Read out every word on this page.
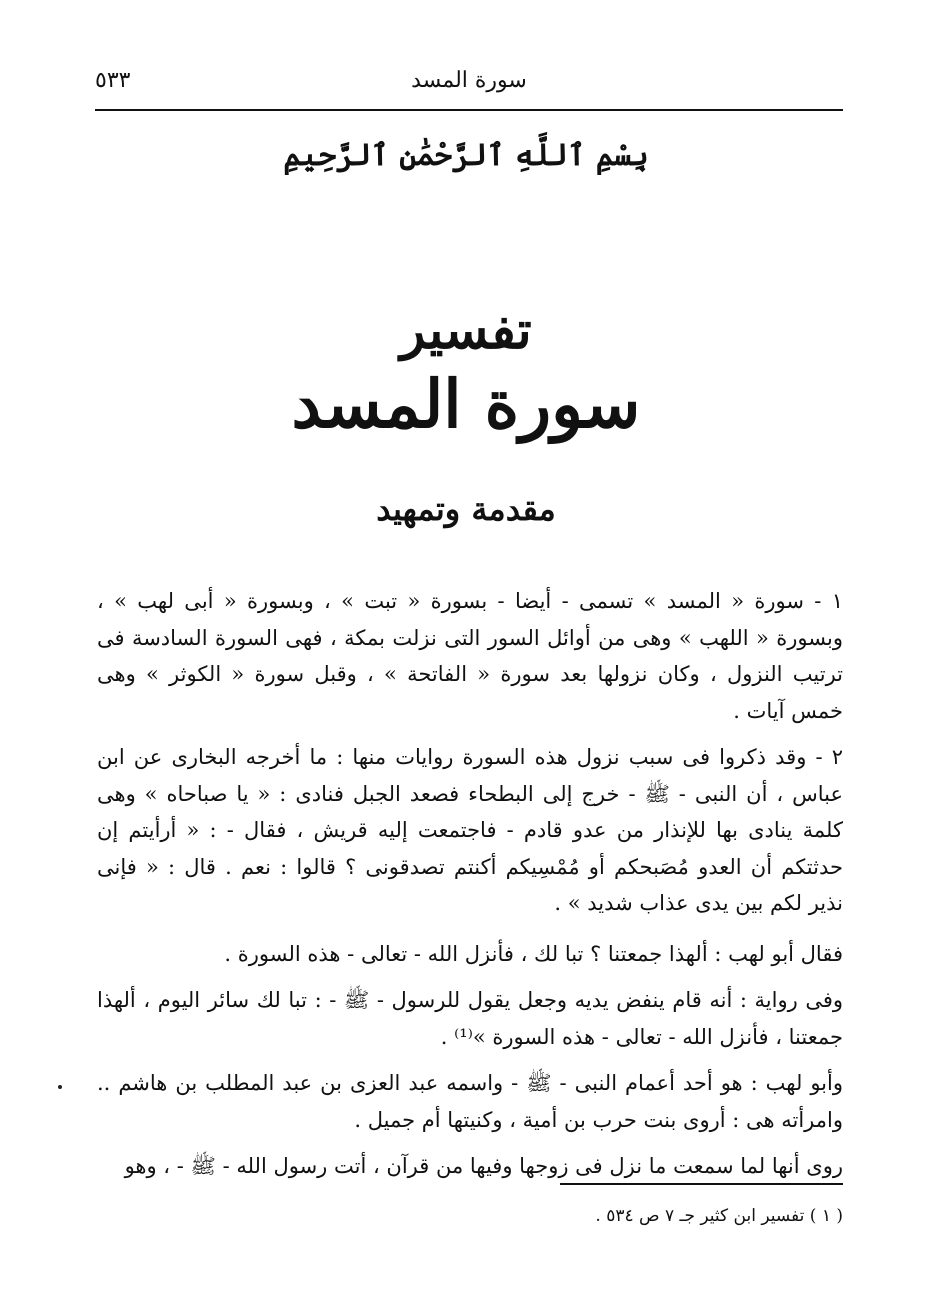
٥٣٣	سورة المسد
بِسْمِ ٱللَّهِ ٱلرَّحْمَٰنِ ٱلرَّحِيمِ
تفسير
سورة المسد
مقدمة وتمهيد

١ - سورة « المسد » تسمى - أيضا - بسورة « تبت » ، وبسورة « أبى لهب » ، وبسورة « اللهب » وهى من أوائل السور التى نزلت بمكة ، فهى السورة السادسة فى ترتيب النزول ، وكان نزولها بعد سورة « الفاتحة » ، وقبل سورة « الكوثر » وهى خمس آيات .

٢ - وقد ذكروا فى سبب نزول هذه السورة روايات منها : ما أخرجه البخارى عن ابن عباس ، أن النبى - ﷺ - خرج إلى البطحاء فصعد الجبل فنادى : « يا صباحاه » وهى كلمة ينادى بها للإنذار من عدو قادم - فاجتمعت إليه قريش ، فقال - : « أرأيتم إن حدثتكم أن العدو مُصَبحكم أو مُمْسِيكم أكنتم تصدقونى ؟ قالوا : نعم . قال : « فإنى نذير لكم بين يدى عذاب شديد » .

فقال أبو لهب : ألهذا جمعتنا ؟ تبا لك ، فأنزل الله - تعالى - هذه السورة .

وفى رواية : أنه قام ينفض يديه وجعل يقول للرسول - ﷺ - : تبا لك سائر اليوم ، ألهذا جمعتنا ، فأنزل الله - تعالى - هذه السورة »⁽¹⁾ .

وأبو لهب : هو أحد أعمام النبى - ﷺ - واسمه عبد العزى بن عبد المطلب بن هاشم .. وامرأته هى : أروى بنت حرب بن أمية ، وكنيتها أم جميل .

روى أنها لما سمعت ما نزل فى زوجها وفيها من قرآن ، أتت رسول الله - ﷺ - ، وهو

( ١ ) تفسير ابن كثير جـ ٧ ص ٥٣٤ .
